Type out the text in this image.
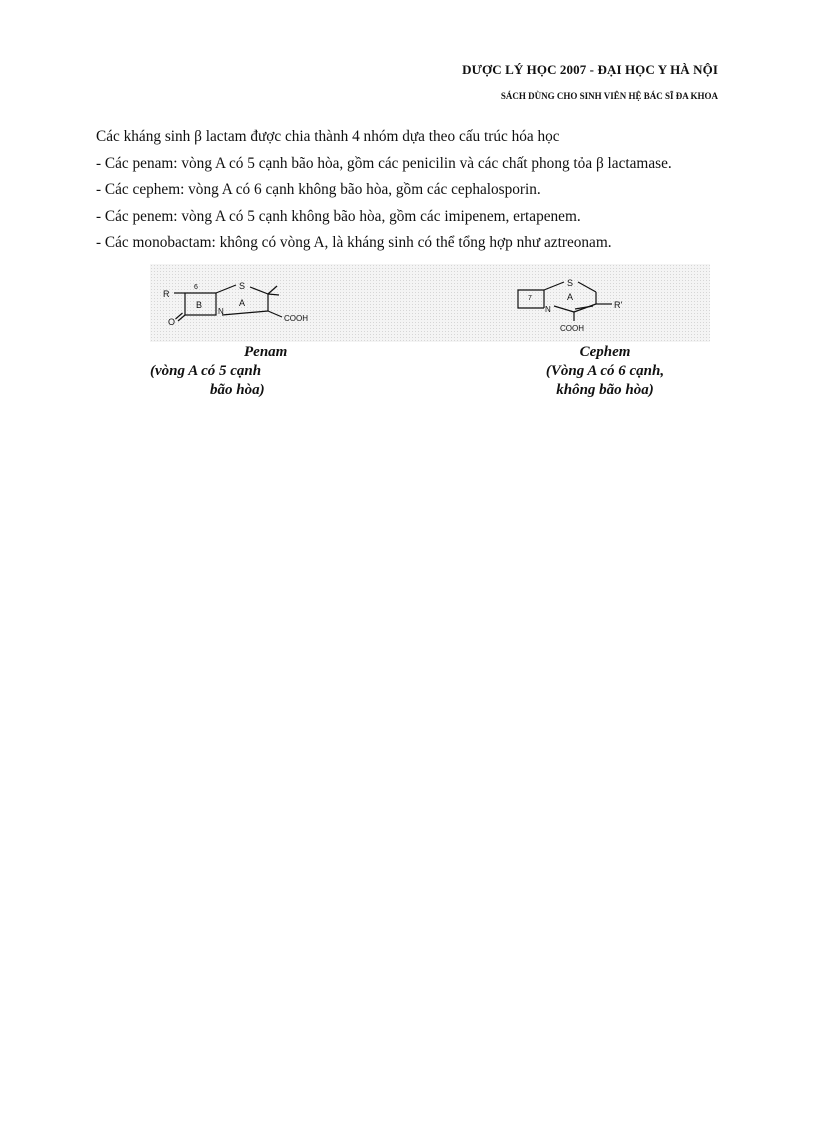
DƯỢC LÝ HỌC 2007 - ĐẠI HỌC Y HÀ NỘI
SÁCH DÙNG CHO SINH VIÊN HỆ BÁC SĨ ĐA KHOA

Các kháng sinh β lactam được chia thành 4 nhóm dựa theo cấu trúc hóa học

- Các penam: vòng A có 5 cạnh bão hòa, gồm các penicilin và các chất phong tỏa β lactamase.

- Các cephem: vòng A có 6 cạnh không bão hòa, gồm các cephalosporin.

- Các penem: vòng A có 5 cạnh không bão hòa, gồm các imipenem, ertapenem.

- Các monobactam: không có vòng A, là kháng sinh có thể tổng hợp như aztreonam.

R
6
B
S
A
N
O	COOH
S
7	A
N	R'
COOH
Penam
(vòng A có 5 cạnh
bão hòa)
Cephem
(Vòng A có 6 cạnh,
không bão hòa)
